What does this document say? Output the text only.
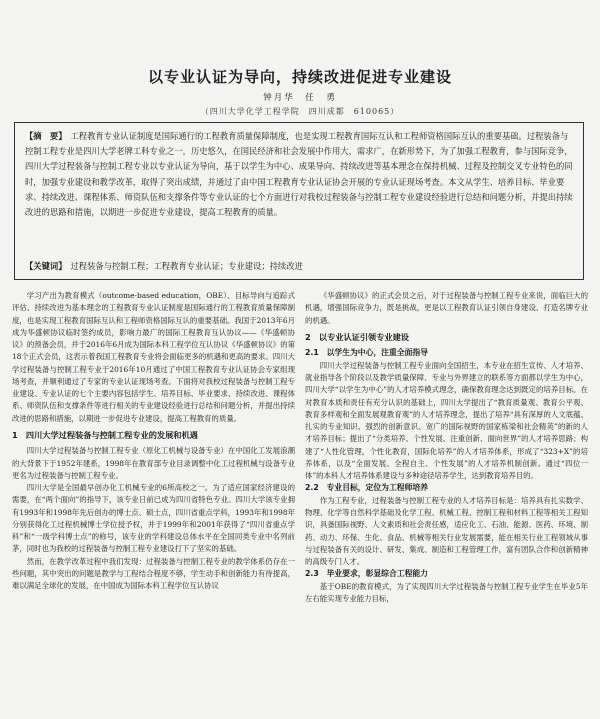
以专业认证为导向，持续改进促进专业建设
钟月华　任　勇
（四川大学化学工程学院　四川成都　610065）
【摘　要】 工程教育专业认证制度是国际通行的工程教育质量保障制度，也是实现工程教育国际互认和工程师资格国际互认的重要基础。过程装备与控制工程专业是四川大学老牌工科专业之一，历史悠久，在国民经济和社会发展中作用大，需求广，在新形势下，为了加强工程教育，参与国际竞争，四川大学过程装备与控制工程专业以专业认证为导向，基于以学生为中心、成果导向、持续改进等基本理念在保持机械、过程及控制交叉专业特色的同时，加强专业建设和教学改革，取得了突出成绩，并通过了由中国工程教育专业认证协会开展的专业认证现场考查。本文从学生、培养目标、毕业要求、持续改进、课程体系、师资队伍和支撑条件等专业认证的七个方面进行对我校过程装备与控制工程专业建设经验进行总结和问题分析，并提出持续改进的思路和措施，以期进一步促进专业建设，提高工程教育的质量。
【关键词】 过程装备与控制工程；工程教育专业认证；专业建设；持续改进

学习产出为教育模式（outcome-based education，OBE）、目标导向与追踪式评估、持续改进为基本理念的工程教育专业认证制度是国际通行的工程教育质量保障制度，也是实现工程教育国际互认和工程师资格国际互认的重要基础。我国于2013年6月成为华盛顿协议临时签约成员，影响力最广的国际工程教育互认协议——《华盛顿协议》的预备会员，并于2016年6月成为国际本科工程学位互认协议《华盛顿协议》的第18个正式会员，这表示着我国工程教育专业将会面临更多的机遇和更高的要求。四川大学过程装备与控制工程专业于2016年10月通过了中国工程教育专业认证协会专家组现场考查，并顺利通过了专家的专业认证现场考查。下面将对我校过程装备与控制工程专业建设、专业认证的七个主要内容包括学生、培养目标、毕业要求、持续改进、课程体系、师资队伍和支撑条件等进行相关的专业建设经验进行总结和问题分析，并提出持续改进的思路和措施，以期进一步促进专业建设，提高工程教育的质量。

1　四川大学过程装备与控制工程专业的发展和机遇

四川大学过程装备与控制工程专业（原化工机械与设备专业）在中国化工发展浪潮的大背景下于1952年建系，1998年在教育部专业目录调整中化工过程机械与设备专业更名为过程装备与控制工程专业。

四川大学是全国最早创办化工机械专业的6所高校之一。为了适应国家经济建设的需要，在“两个面向”的指导下，该专业日前已成为四川省特色专业。四川大学该专业拥有1993年和1998年先后创办的博士点、硕士点，四川省重点学科，1993年和1998年分别获得化工过程机械博士学位授予权，并于1999年和2001年获得了“四川省重点学科”和“一级学科博士点”的称号，该专业的学科建设总体水平在全国同类专业中名列前茅，同时也为我校的过程装备与控制工程专业建设打下了坚实的基础。

然而，在教学改革过程中我们发现：过程装备与控制工程专业的教学体系仍存在一些问题，其中突出的问题是教学与工程结合程度不够，学生动手和创新能力有待提高，难以满足全球化的发展，在中国成为国际本科工程学位互认协议

《华盛顿协议》的正式会员之后，对于过程装备与控制工程专业来说，面临巨大的机遇，增强国际竞争力，既是挑战，更是以工程教育认证引领自身建设、打造名牌专业的机遇。

2　以专业认证引领专业建设
2.1　以学生为中心，注重全面指导

四川大学过程装备与控制工程专业面向全国招生，本专业在招生宣传、人才培养、就业指导各个阶段以及教学质量保障、专业与外界建立的联系等方面都以学生为中心，四川大学“以学生为中心”的人才培养模式理念，确保教育理念达到既定的培养目标。在对教育本质和责任有充分认识的基础上，四川大学提出了“教育质量观、教育公平观、教育多样观和全面发展观教育观”的人才培养理念，提出了培养“具有深厚的人文底蕴、扎实的专业知识、强烈的创新意识、宽广的国际视野的国家栋梁和社会精英”的新的人才培养目标；提出了“分类培养、个性发展、注重创新、面向世界”的人才培养思路；构建了“人性化管理，个性化教育，国际化培养”的人才培养体系，形成了“323+X”的培养体系，以及“全面发展、全程自主、个性发展”的人才培养机制创新。通过“四位一体”的本科人才培养体系建设与多种途径培养学生，达到教育培养目的。

2.2　专业目标，定位为工程师培养

作为工程专业，过程装备与控制工程专业的人才培养目标是：培养具有扎实数学、物理、化学等自然科学基础及化学工程、机械工程、控制工程和材料工程等相关工程知识，具备国际视野、人文素质和社会责任感，适应化工、石油、能源、医药、环境、制药、动力、环保、生化、食品、机械等相关行业发展需要，能在相关行业工程领域从事与过程装备有关的设计、研发、集成、制造和工程管理工作，富有团队合作和创新精神的高级专门人才。

2.3　毕业要求，彰显综合工程能力

基于OBE的教育模式，为了实现四川大学过程装备与控制工程专业学生在毕业5年左右能实现专业能力目标，
